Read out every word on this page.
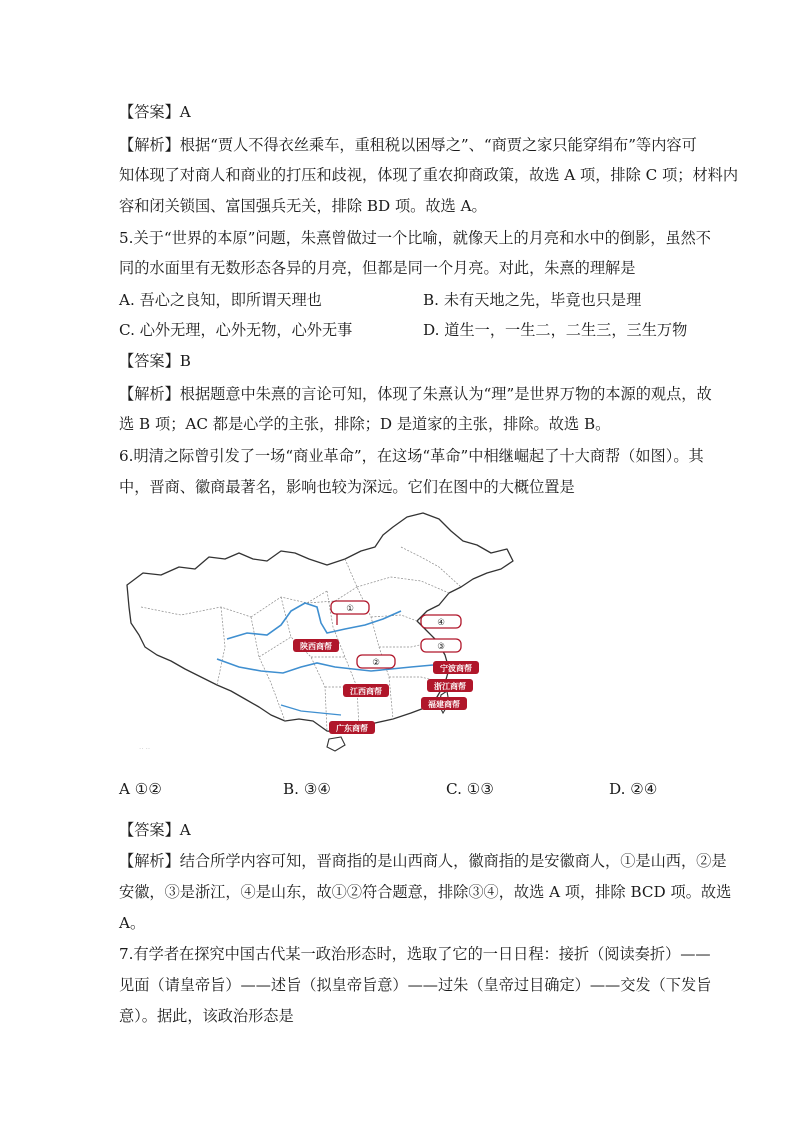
【答案】A
【解析】根据“贾人不得衣丝乘车，重租税以困辱之”、“商贾之家只能穿绢布”等内容可
知体现了对商人和商业的打压和歧视，体现了重农抑商政策，故选 A 项，排除 C 项；材料内
容和闭关锁国、富国强兵无关，排除 BD 项。故选 A。
5.关于“世界的本原”问题，朱熹曾做过一个比喻，就像天上的月亮和水中的倒影，虽然不
同的水面里有无数形态各异的月亮，但都是同一个月亮。对此，朱熹的理解是
A. 吾心之良知，即所谓天理也	B. 未有天地之先，毕竟也只是理
C. 心外无理，心外无物，心外无事	D. 道生一，一生二，二生三，三生万物
【答案】B
【解析】根据题意中朱熹的言论可知，体现了朱熹认为“理”是世界万物的本源的观点，故
选 B 项；AC 都是心学的主张，排除；D 是道家的主张，排除。故选 B。
6.明清之际曾引发了一场“商业革命”，在这场“革命”中相继崛起了十大商帮（如图）。其
中，晋商、徽商最著名，影响也较为深远。它们在图中的大概位置是
·· ··
①
②
③
④
陕西商帮
江西商帮
广东商帮
宁波商帮
浙江商帮
福建商帮
A ①②	B. ③④	C. ①③	D. ②④
【答案】A
【解析】结合所学内容可知，晋商指的是山西商人，徽商指的是安徽商人，①是山西，②是
安徽，③是浙江，④是山东，故①②符合题意，排除③④，故选 A 项，排除 BCD 项。故选
A。
7.有学者在探究中国古代某一政治形态时，选取了它的一日日程：接折（阅读奏折）——
见面（请皇帝旨）——述旨（拟皇帝旨意）——过朱（皇帝过目确定）——交发（下发旨
意）。据此，该政治形态是
